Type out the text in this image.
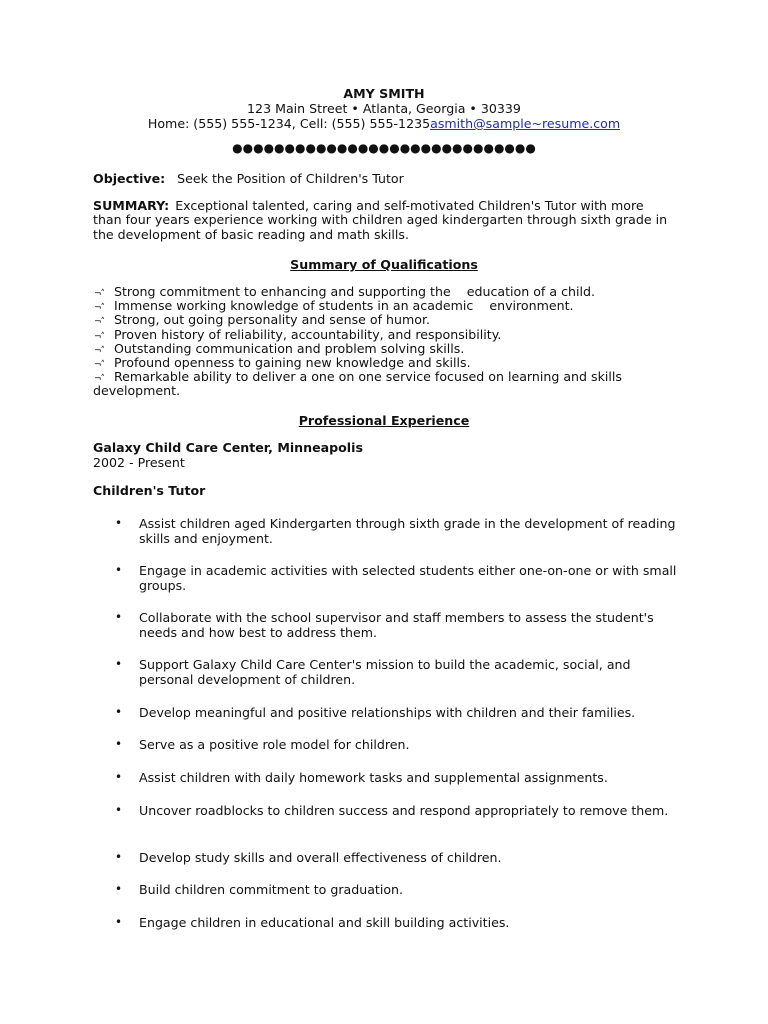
AMY SMITH
123 Main Street • Atlanta, Georgia • 30339
Home: (555) 555-1234, Cell: (555) 555-1235asmith@sample~resume.com
●●●●●●●●●●●●●●●●●●●●●●●●●●●●●
Objective: Seek the Position of Children's Tutor
SUMMARY: Exceptional talented, caring and self-motivated Children's Tutor with more than four years experience working with children aged kindergarten through sixth grade in the development of basic reading and math skills.
Summary of Qualifications
¬˄ Strong commitment to enhancing and supporting the    education of a child.
¬˄ Immense working knowledge of students in an academic    environment.
¬˄ Strong, out going personality and sense of humor.
¬˄ Proven history of reliability, accountability, and responsibility.
¬˄ Outstanding communication and problem solving skills.
¬˄ Profound openness to gaining new knowledge and skills.
¬˄ Remarkable ability to deliver a one on one service focused on learning and skills development.
Professional Experience
Galaxy Child Care Center, Minneapolis
2002 - Present
Children's Tutor
• Assist children aged Kindergarten through sixth grade in the development of reading skills and enjoyment.
• Engage in academic activities with selected students either one-on-one or with small groups.
• Collaborate with the school supervisor and staff members to assess the student's needs and how best to address them.
• Support Galaxy Child Care Center's mission to build the academic, social, and personal development of children.
• Develop meaningful and positive relationships with children and their families.
• Serve as a positive role model for children.
• Assist children with daily homework tasks and supplemental assignments.
• Uncover roadblocks to children success and respond appropriately to remove them.
• Develop study skills and overall effectiveness of children.
• Build children commitment to graduation.
• Engage children in educational and skill building activities.
